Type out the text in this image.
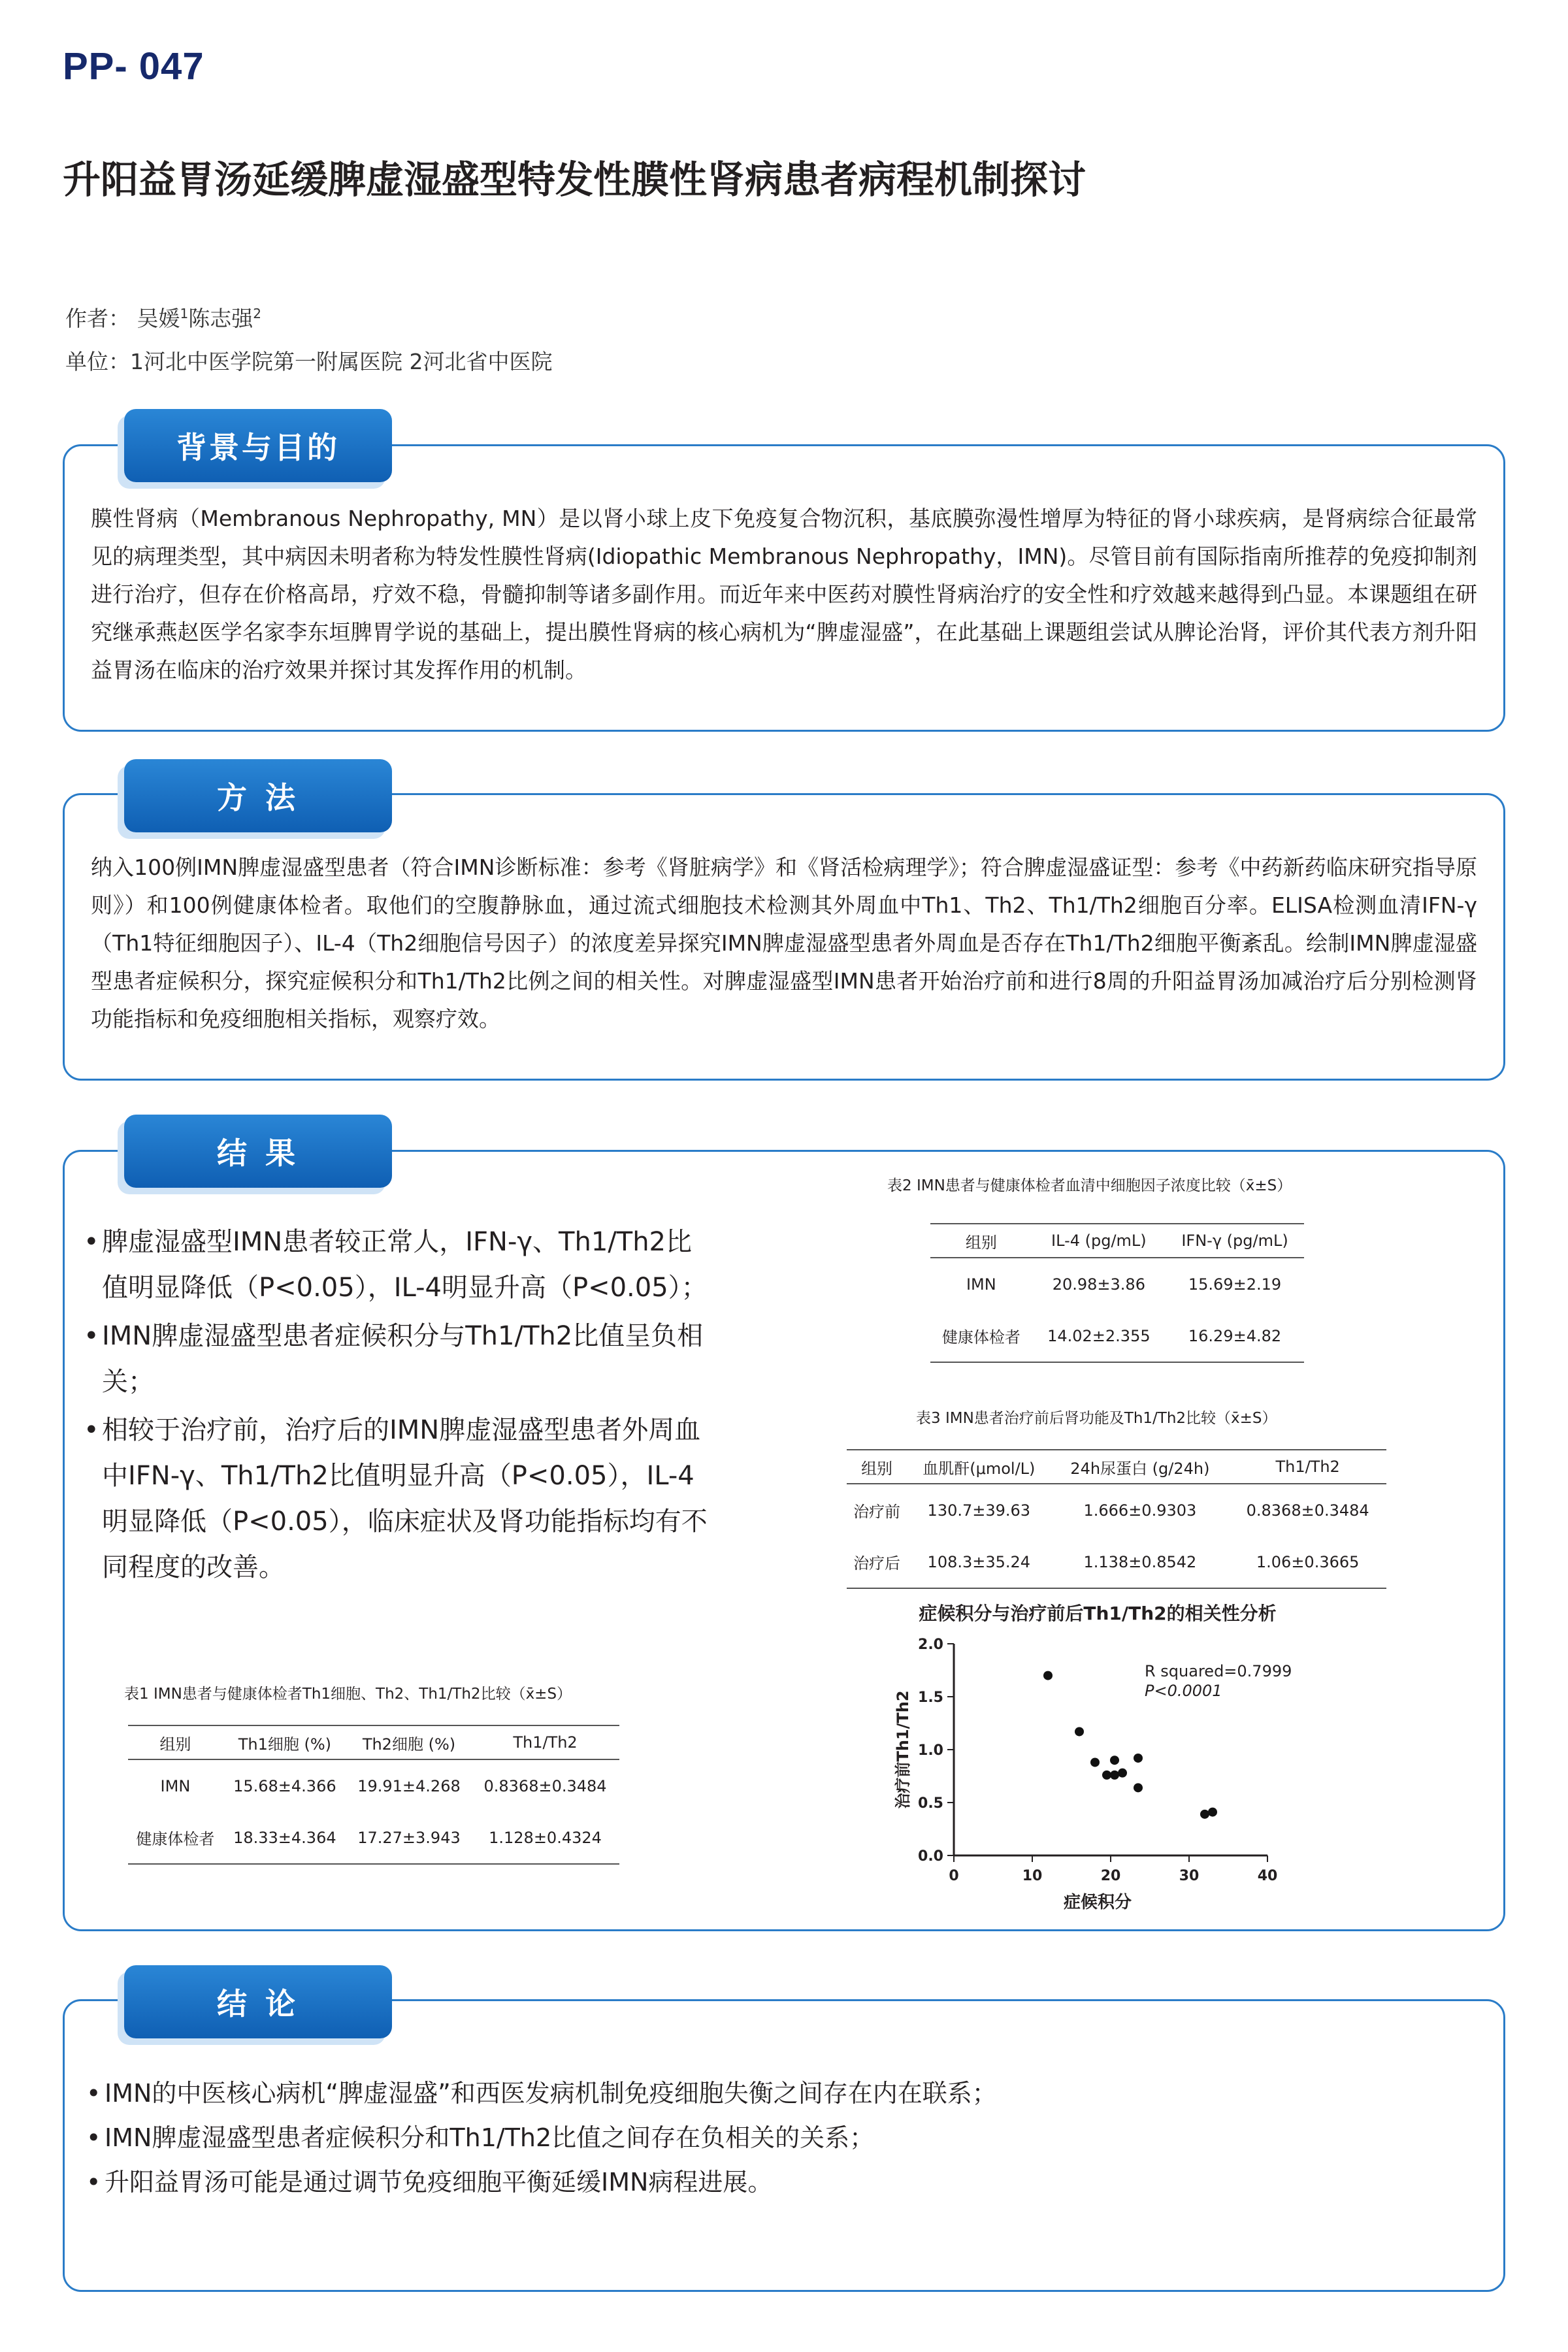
PP- 047
升阳益胃汤延缓脾虚湿盛型特发性膜性肾病患者病程机制探讨
作者： 吴媛$^1$陈志强$^2$
单位：1河北中医学院第一附属医院 2河北省中医院
膜性肾病（Membranous Nephropathy, MN）是以肾小球上皮下免疫复合物沉积，基底膜弥漫性增厚为特征的肾小球疾病，是肾病综合征最常见的病理类型，其中病因未明者称为特发性膜性肾病(Idiopathic Membranous Nephropathy，IMN)。尽管目前有国际指南所推荐的免疫抑制剂进行治疗，但存在价格高昂，疗效不稳，骨髓抑制等诸多副作用。而近年来中医药对膜性肾病治疗的安全性和疗效越来越得到凸显。本课题组在研究继承燕赵医学名家李东垣脾胃学说的基础上，提出膜性肾病的核心病机为“脾虚湿盛”，在此基础上课题组尝试从脾论治肾，评价其代表方剂升阳益胃汤在临床的治疗效果并探讨其发挥作用的机制。
背景与目的
纳入100例IMN脾虚湿盛型患者（符合IMN诊断标准：参考《肾脏病学》和《肾活检病理学》；符合脾虚湿盛证型：参考《中药新药临床研究指导原则》）和100例健康体检者。取他们的空腹静脉血，通过流式细胞技术检测其外周血中Th1、Th2、Th1/Th2细胞百分率。ELISA检测血清IFN-γ（Th1特征细胞因子）、IL-4（Th2细胞信号因子）的浓度差异探究IMN脾虚湿盛型患者外周血是否存在Th1/Th2细胞平衡紊乱。绘制IMN脾虚湿盛型患者症候积分，探究症候积分和Th1/Th2比例之间的相关性。对脾虚湿盛型IMN患者开始治疗前和进行8周的升阳益胃汤加减治疗后分别检测肾功能指标和免疫细胞相关指标，观察疗效。
方 法
结 果
• 脾虚湿盛型IMN患者较正常人，IFN-γ、Th1/Th2比值明显降低（P<0.05），IL-4明显升高（P<0.05）；
• IMN脾虚湿盛型患者症候积分与Th1/Th2比值呈负相关；
• 相较于治疗前，治疗后的IMN脾虚湿盛型患者外周血中IFN-γ、Th1/Th2比值明显升高（P<0.05），IL-4明显降低（P<0.05），临床症状及肾功能指标均有不同程度的改善。
表1 IMN患者与健康体检者Th1细胞、Th2、Th1/Th2比较（x̄±S）
组别	Th1细胞 (%)	Th2细胞 (%)	Th1/Th2
IMN	15.68±4.366	19.91±4.268	0.8368±0.3484
健康体检者	18.33±4.364	17.27±3.943	1.128±0.4324
表2 IMN患者与健康体检者血清中细胞因子浓度比较（x̄±S）
组别	IL-4 (pg/mL)	IFN-γ (pg/mL)
IMN	20.98±3.86	15.69±2.19
健康体检者	14.02±2.355	16.29±4.82
表3 IMN患者治疗前后肾功能及Th1/Th2比较（x̄±S）
组别	血肌酐(μmol/L)	24h尿蛋白 (g/24h)	Th1/Th2
治疗前	130.7±39.63	1.666±0.9303	0.8368±0.3484
治疗后	108.3±35.24	1.138±0.8542	1.06±0.3665
症候积分与治疗前后Th1/Th2的相关性分析
0	10	20	30	40
0.0
0.5
1.0
1.5
2.0
R squared=0.7999
P<0.0001
症候积分
治疗前Th1/Th2
结 论
• IMN的中医核心病机“脾虚湿盛”和西医发病机制免疫细胞失衡之间存在内在联系；
• IMN脾虚湿盛型患者症候积分和Th1/Th2比值之间存在负相关的关系；
• 升阳益胃汤可能是通过调节免疫细胞平衡延缓IMN病程进展。
